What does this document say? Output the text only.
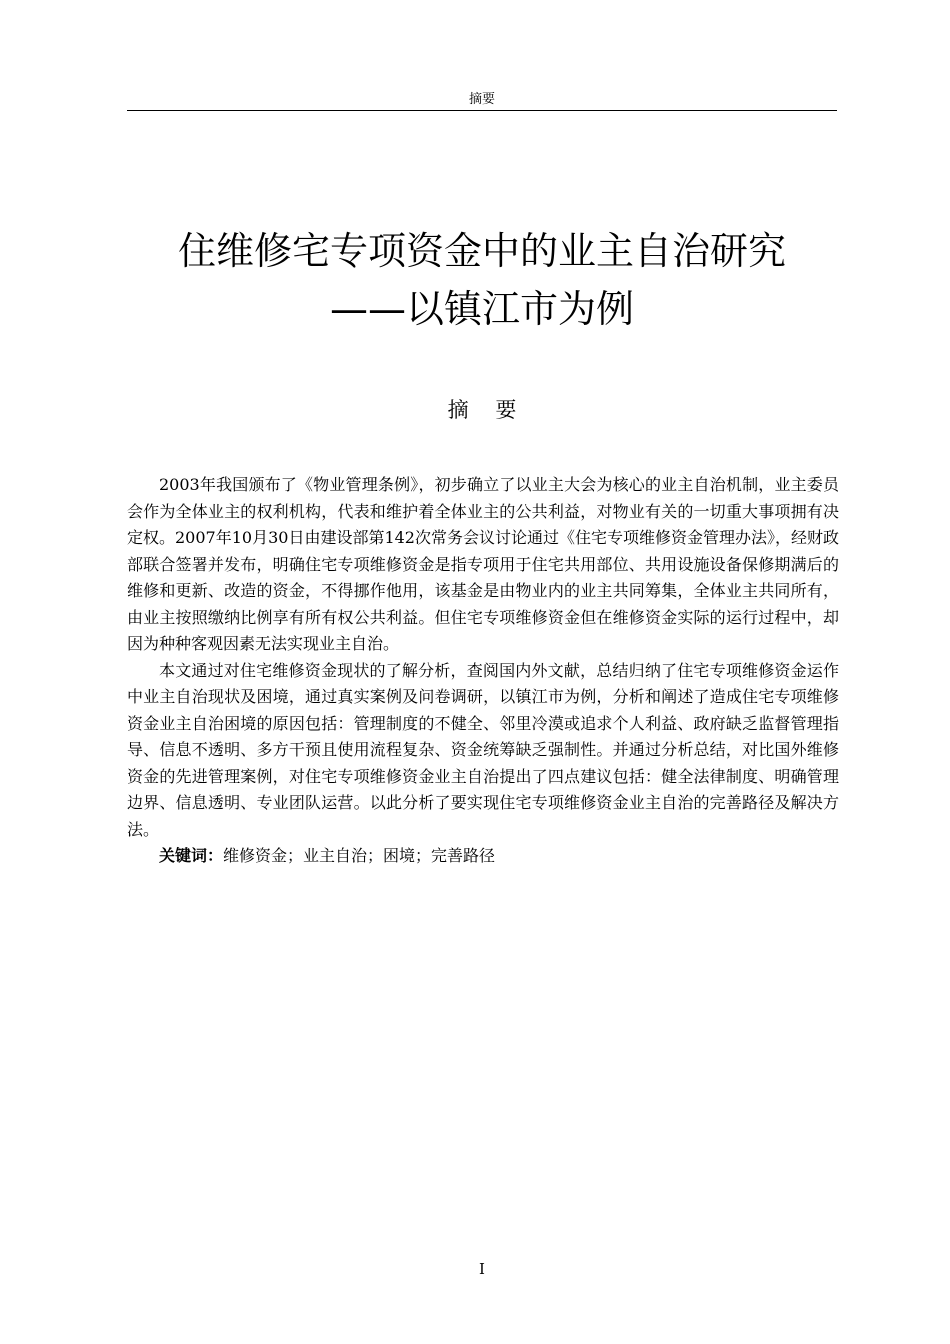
摘要
住维修宅专项资金中的业主自治研究
——以镇江市为例
摘 要

2003年我国颁布了《物业管理条例》，初步确立了以业主大会为核心的业主自治机制，业主委员会作为全体业主的权利机构，代表和维护着全体业主的公共利益，对物业有关的一切重大事项拥有决定权。2007年10月30日由建设部第142次常务会议讨论通过《住宅专项维修资金管理办法》，经财政部联合签署并发布，明确住宅专项维修资金是指专项用于住宅共用部位、共用设施设备保修期满后的维修和更新、改造的资金，不得挪作他用，该基金是由物业内的业主共同筹集，全体业主共同所有，由业主按照缴纳比例享有所有权公共利益。但住宅专项维修资金但在维修资金实际的运行过程中，却因为种种客观因素无法实现业主自治。

本文通过对住宅维修资金现状的了解分析，查阅国内外文献，总结归纳了住宅专项维修资金运作中业主自治现状及困境，通过真实案例及问卷调研，以镇江市为例，分析和阐述了造成住宅专项维修资金业主自治困境的原因包括：管理制度的不健全、邻里冷漠或追求个人利益、政府缺乏监督管理指导、信息不透明、多方干预且使用流程复杂、资金统筹缺乏强制性。并通过分析总结，对比国外维修资金的先进管理案例，对住宅专项维修资金业主自治提出了四点建议包括：健全法律制度、明确管理边界、信息透明、专业团队运营。以此分析了要实现住宅专项维修资金业主自治的完善路径及解决方法。

关键词：维修资金；业主自治；困境；完善路径

I
